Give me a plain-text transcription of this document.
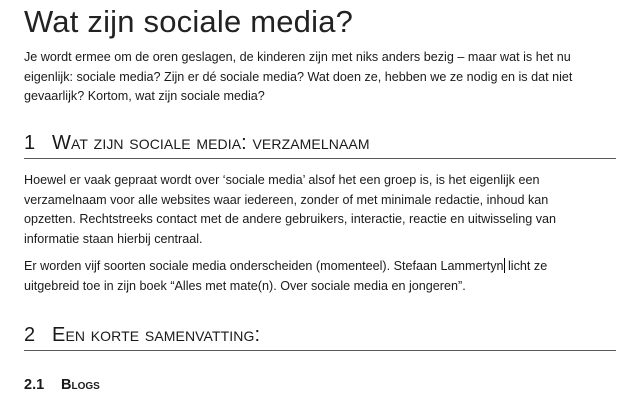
Wat zijn sociale media?

Je wordt ermee om de oren geslagen, de kinderen zijn met niks anders bezig – maar wat is het nu
eigenlijk: sociale media? Zijn er dé sociale media? Wat doen ze, hebben we ze nodig en is dat niet
gevaarlijk? Kortom, wat zijn sociale media?

1 Wat zijn sociale media: verzamelnaam

Hoewel er vaak gepraat wordt over ‘sociale media’ alsof het een groep is, is het eigenlijk een
verzamelnaam voor alle websites waar iedereen, zonder of met minimale redactie, inhoud kan
opzetten. Rechtstreeks contact met de andere gebruikers, interactie, reactie en uitwisseling van
informatie staan hierbij centraal.

Er worden vijf soorten sociale media onderscheiden (momenteel). Stefaan Lammertyn licht ze
uitgebreid toe in zijn boek “Alles met mate(n). Over sociale media en jongeren”.

2 Een korte samenvatting:
2.1 Blogs
